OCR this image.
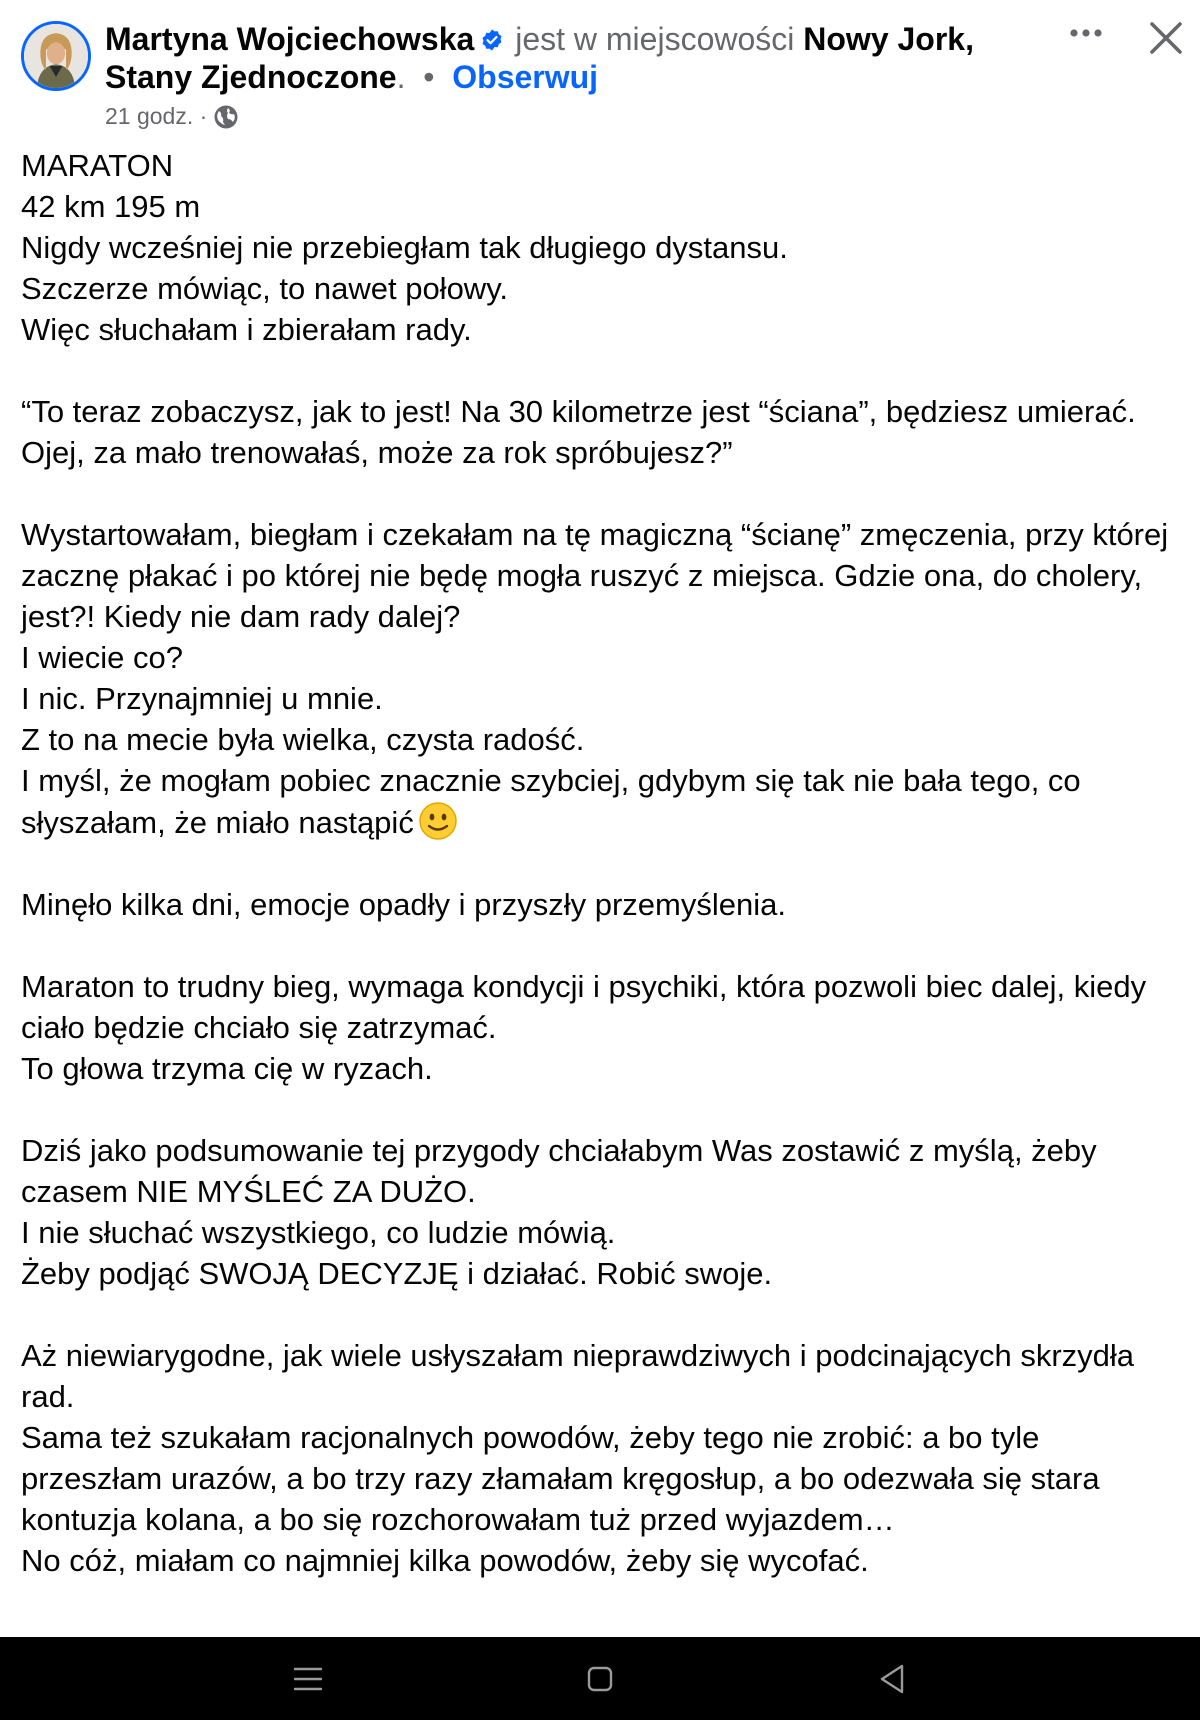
Martyna Wojciechowska jest w miejscowości Nowy Jork, Stany Zjednoczone. • Obserwuj
21 godz.
·

MARATON

42 km 195 m

Nigdy wcześniej nie przebiegłam tak długiego dystansu.

Szczerze mówiąc, to nawet połowy.

Więc słuchałam i zbierałam rady.

“To teraz zobaczysz, jak to jest! Na 30 kilometrze jest “ściana”, będziesz umierać. Ojej, za mało trenowałaś, może za rok spróbujesz?”

Wystartowałam, biegłam i czekałam na tę magiczną “ścianę” zmęczenia, przy której zacznę płakać i po której nie będę mogła ruszyć z miejsca. Gdzie ona, do cholery, jest?! Kiedy nie dam rady dalej?

I wiecie co?

I nic. Przynajmniej u mnie.

Z to na mecie była wielka, czysta radość.

I myśl, że mogłam pobiec znacznie szybciej, gdybym się tak nie bała tego, co słyszałam, że miało nastąpić

Minęło kilka dni, emocje opadły i przyszły przemyślenia.

Maraton to trudny bieg, wymaga kondycji i psychiki, która pozwoli biec dalej, kiedy ciało będzie chciało się zatrzymać.

To głowa trzyma cię w ryzach.

Dziś jako podsumowanie tej przygody chciałabym Was zostawić z myślą, żeby czasem NIE MYŚLEĆ ZA DUŻO.

I nie słuchać wszystkiego, co ludzie mówią.

Żeby podjąć SWOJĄ DECYZJĘ i działać. Robić swoje.

Aż niewiarygodne, jak wiele usłyszałam nieprawdziwych i podcinających skrzydła rad.

Sama też szukałam racjonalnych powodów, żeby tego nie zrobić: a bo tyle przeszłam urazów, a bo trzy razy złamałam kręgosłup, a bo odezwała się stara kontuzja kolana, a bo się rozchorowałam tuż przed wyjazdem…

No cóż, miałam co najmniej kilka powodów, żeby się wycofać.
